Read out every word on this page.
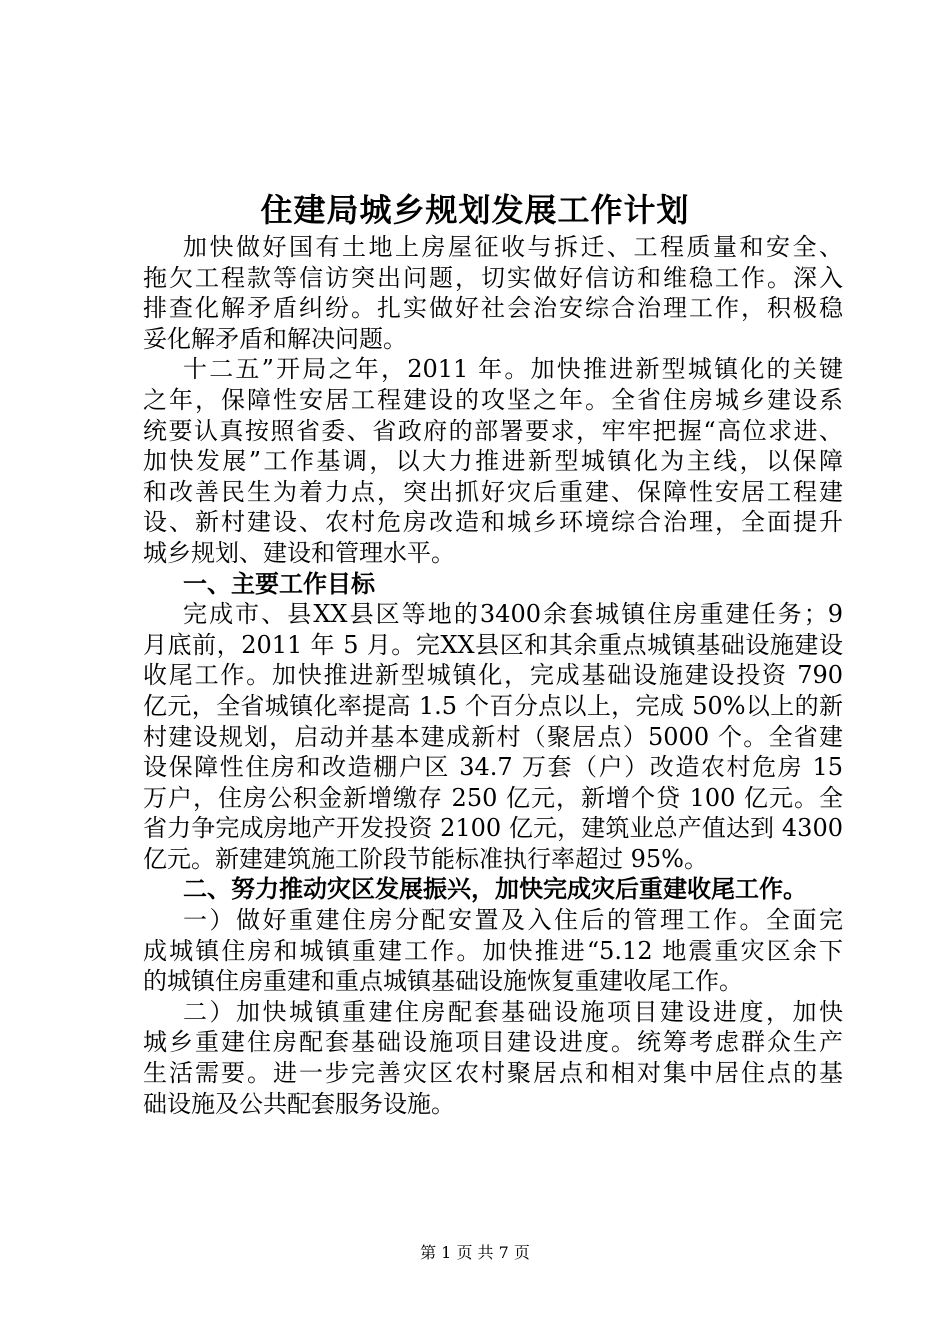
住建局城乡规划发展工作计划
加快做好国有土地上房屋征收与拆迁、工程质量和安全、
拖欠工程款等信访突出问题，切实做好信访和维稳工作。深入
排查化解矛盾纠纷。扎实做好社会治安综合治理工作，积极稳
妥化解矛盾和解决问题。
十二五”开局之年，2011 年。加快推进新型城镇化的关键
之年，保障性安居工程建设的攻坚之年。全省住房城乡建设系
统要认真按照省委、省政府的部署要求，牢牢把握“高位求进、
加快发展”工作基调，以大力推进新型城镇化为主线，以保障
和改善民生为着力点，突出抓好灾后重建、保障性安居工程建
设、新村建设、农村危房改造和城乡环境综合治理，全面提升
城乡规划、建设和管理水平。
一、主要工作目标
完成市、县XX县区等地的3400余套城镇住房重建任务；9
月底前，2011 年 5 月。完XX县区和其余重点城镇基础设施建设
收尾工作。加快推进新型城镇化，完成基础设施建设投资 790
亿元，全省城镇化率提高 1.5 个百分点以上，完成 50%以上的新
村建设规划，启动并基本建成新村（聚居点）5000 个。全省建
设保障性住房和改造棚户区 34.7 万套（户）改造农村危房 15
万户，住房公积金新增缴存 250 亿元，新增个贷 100 亿元。全
省力争完成房地产开发投资 2100 亿元，建筑业总产值达到 4300
亿元。新建建筑施工阶段节能标准执行率超过 95%。
二、努力推动灾区发展振兴，加快完成灾后重建收尾工作。
一）做好重建住房分配安置及入住后的管理工作。全面完
成城镇住房和城镇重建工作。加快推进“5.12 地震重灾区余下
的城镇住房重建和重点城镇基础设施恢复重建收尾工作。
二）加快城镇重建住房配套基础设施项目建设进度，加快
城乡重建住房配套基础设施项目建设进度。统筹考虑群众生产
生活需要。进一步完善灾区农村聚居点和相对集中居住点的基
础设施及公共配套服务设施。
第 1 页 共 7 页
